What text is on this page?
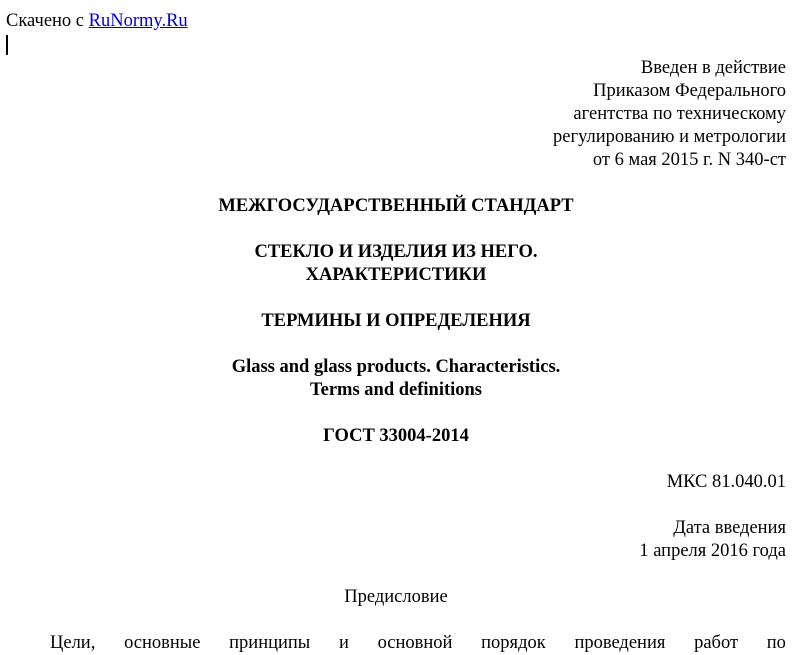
Скачено с RuNormy.Ru
Введен в действие
Приказом Федерального
агентства по техническому
регулированию и метрологии
от 6 мая 2015 г. N 340-ст
МЕЖГОСУДАРСТВЕННЫЙ СТАНДАРТ
СТЕКЛО И ИЗДЕЛИЯ ИЗ НЕГО.
ХАРАКТЕРИСТИКИ
ТЕРМИНЫ И ОПРЕДЕЛЕНИЯ
Glass and glass products. Characteristics.
Terms and definitions
ГОСТ 33004-2014
МКС 81.040.01
Дата введения
1 апреля 2016 года
Предисловие
Цели, основные принципы и основной порядок проведения работ по
